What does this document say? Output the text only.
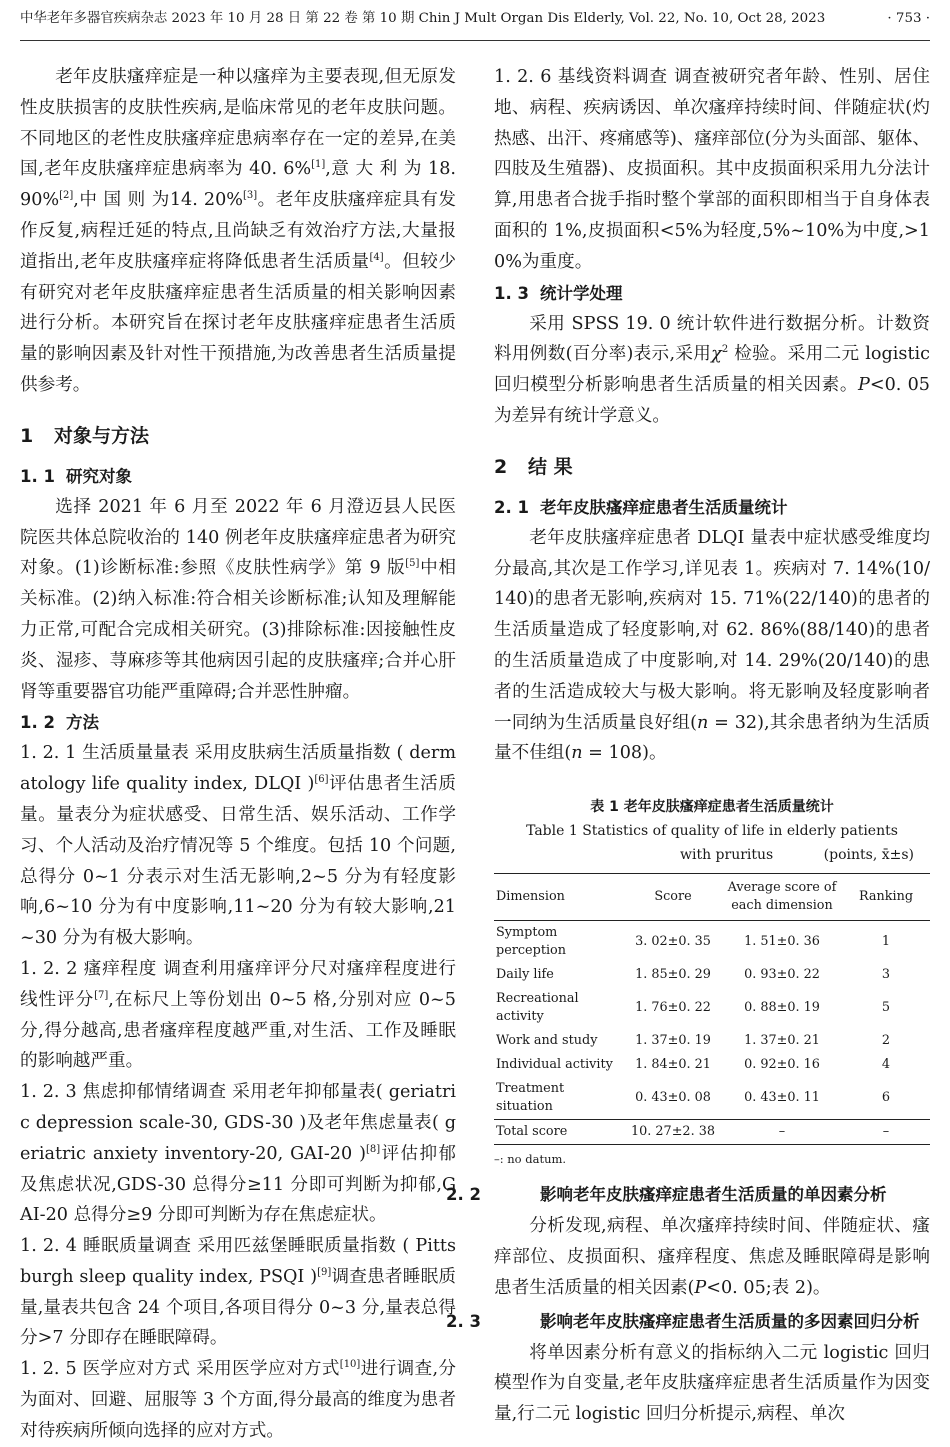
中华老年多器官疾病杂志 2023 年 10 月 28 日 第 22 卷 第 10 期 Chin J Mult Organ Dis Elderly, Vol. 22, No. 10, Oct 28, 2023	· 753 ·

老年皮肤瘙痒症是一种以瘙痒为主要表现,但无原发性皮肤损害的皮肤性疾病,是临床常见的老年皮肤问题。不同地区的老性皮肤瘙痒症患病率存在一定的差异,在美国,老年皮肤瘙痒症患病率为 40. 6%[1],意 大 利 为 18. 90%[2],中 国 则 为14. 20%[3]。老年皮肤瘙痒症具有发作反复,病程迁延的特点,且尚缺乏有效治疗方法,大量报道指出,老年皮肤瘙痒症将降低患者生活质量[4]。但较少有研究对老年皮肤瘙痒症患者生活质量的相关影响因素进行分析。本研究旨在探讨老年皮肤瘙痒症患者生活质量的影响因素及针对性干预措施,为改善患者生活质量提供参考。

1 对象与方法
1. 1 研究对象

选择 2021 年 6 月至 2022 年 6 月澄迈县人民医院医共体总院收治的 140 例老年皮肤瘙痒症患者为研究对象。(1)诊断标准:参照《皮肤性病学》第 9 版[5]中相关标准。(2)纳入标准:符合相关诊断标准;认知及理解能力正常,可配合完成相关研究。(3)排除标准:因接触性皮炎、湿疹、荨麻疹等其他病因引起的皮肤瘙痒;合并心肝肾等重要器官功能严重障碍;合并恶性肿瘤。

1. 2 方法

1. 2. 1 生活质量量表 采用皮肤病生活质量指数 ( dermatology life quality index, DLQI )[6]评估患者生活质量。量表分为症状感受、日常生活、娱乐活动、工作学习、个人活动及治疗情况等 5 个维度。包括 10 个问题,总得分 0~1 分表示对生活无影响,2~5 分为有轻度影响,6~10 分为有中度影响,11~20 分为有较大影响,21~30 分为有极大影响。

1. 2. 2 瘙痒程度 调查利用瘙痒评分尺对瘙痒程度进行线性评分[7],在标尺上等份划出 0~5 格,分别对应 0~5 分,得分越高,患者瘙痒程度越严重,对生活、工作及睡眠的影响越严重。

1. 2. 3 焦虑抑郁情绪调查 采用老年抑郁量表( geriatric depression scale-30, GDS-30 )及老年焦虑量表( geriatric anxiety inventory-20, GAI-20 )[8]评估抑郁及焦虑状况,GDS-30 总得分≥11 分即可判断为抑郁,GAI-20 总得分≥9 分即可判断为存在焦虑症状。

1. 2. 4 睡眠质量调查 采用匹兹堡睡眠质量指数 ( Pittsburgh sleep quality index, PSQI )[9]调查患者睡眠质量,量表共包含 24 个项目,各项目得分 0~3 分,量表总得分>7 分即存在睡眠障碍。

1. 2. 5 医学应对方式 采用医学应对方式[10]进行调查,分为面对、回避、屈服等 3 个方面,得分最高的维度为患者对待疾病所倾向选择的应对方式。

1. 2. 6 基线资料调查 调查被研究者年龄、性别、居住地、病程、疾病诱因、单次瘙痒持续时间、伴随症状(灼热感、出汗、疼痛感等)、瘙痒部位(分为头面部、躯体、四肢及生殖器)、皮损面积。其中皮损面积采用九分法计算,用患者合拢手指时整个掌部的面积即相当于自身体表面积的 1%,皮损面积<5%为轻度,5%~10%为中度,>10%为重度。

1. 3 统计学处理

采用 SPSS 19. 0 统计软件进行数据分析。计数资料用例数(百分率)表示,采用$\chi^2$ 检验。采用二元 logistic 回归模型分析影响患者生活质量的相关因素。P<0. 05 为差异有统计学意义。

2 结 果
2. 1 老年皮肤瘙痒症患者生活质量统计

老年皮肤瘙痒症患者 DLQI 量表中症状感受维度均分最高,其次是工作学习,详见表 1。疾病对 7. 14%(10/140)的患者无影响,疾病对 15. 71%(22/140)的患者的生活质量造成了轻度影响,对 62. 86%(88/140)的患者的生活质量造成了中度影响,对 14. 29%(20/140)的患者的生活造成较大与极大影响。将无影响及轻度影响者一同纳为生活质量良好组(n = 32),其余患者纳为生活质量不佳组(n = 108)。

表 1 老年皮肤瘙痒症患者生活质量统计
Table 1 Statistics of quality of life in elderly patients
with pruritus	(points, x̄±s)
Dimension	Score	Average score of each dimension	Ranking
Symptom perception	3. 02±0. 35	1. 51±0. 36	1
Daily life	1. 85±0. 29	0. 93±0. 22	3
Recreational activity	1. 76±0. 22	0. 88±0. 19	5
Work and study	1. 37±0. 19	1. 37±0. 21	2
Individual activity	1. 84±0. 21	0. 92±0. 16	4
Treatment situation	0. 43±0. 08	0. 43±0. 11	6
Total score	10. 27±2. 38	–	–
–: no datum.
2. 2	影响老年皮肤瘙痒症患者生活质量的单因素分析

分析发现,病程、单次瘙痒持续时间、伴随症状、瘙痒部位、皮损面积、瘙痒程度、焦虑及睡眠障碍是影响患者生活质量的相关因素(P<0. 05;表 2)。

2. 3	影响老年皮肤瘙痒症患者生活质量的多因素回归分析

将单因素分析有意义的指标纳入二元 logistic 回归模型作为自变量,老年皮肤瘙痒症患者生活质量作为因变量,行二元 logistic 回归分析提示,病程、单次
